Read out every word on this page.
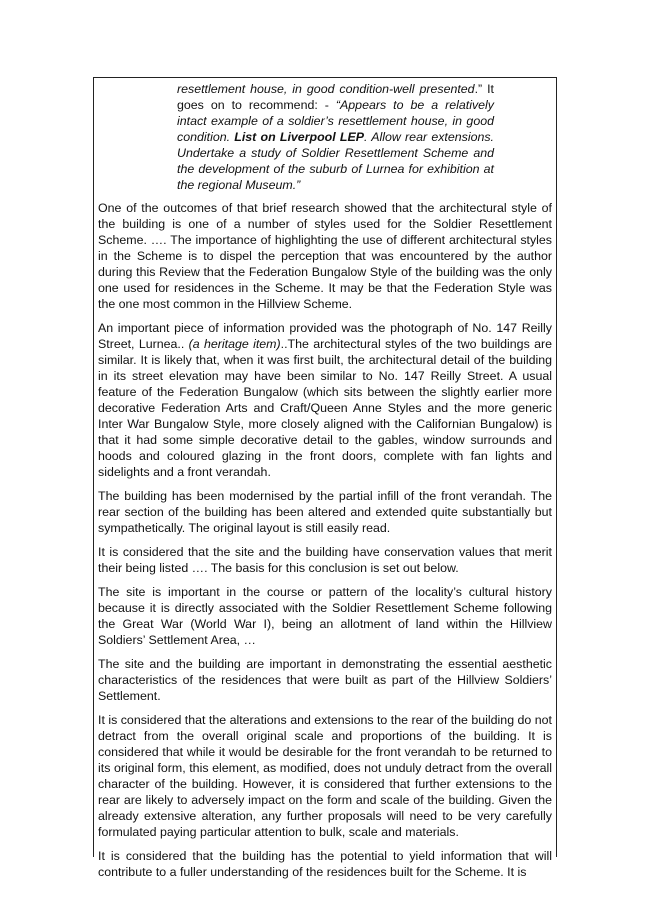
resettlement house, in good condition-well presented.” It goes on to recommend: - “Appears to be a relatively intact example of a soldier’s resettlement house, in good condition. List on Liverpool LEP. Allow rear extensions. Undertake a study of Soldier Resettlement Scheme and the development of the suburb of Lurnea for exhibition at the regional Museum.”

One of the outcomes of that brief research showed that the architectural style of the building is one of a number of styles used for the Soldier Resettlement Scheme. …. The importance of highlighting the use of different architectural styles in the Scheme is to dispel the perception that was encountered by the author during this Review that the Federation Bungalow Style of the building was the only one used for residences in the Scheme. It may be that the Federation Style was the one most common in the Hillview Scheme.

An important piece of information provided was the photograph of No. 147 Reilly Street, Lurnea.. (a heritage item)..The architectural styles of the two buildings are similar. It is likely that, when it was first built, the architectural detail of the building in its street elevation may have been similar to No. 147 Reilly Street. A usual feature of the Federation Bungalow (which sits between the slightly earlier more decorative Federation Arts and Craft/Queen Anne Styles and the more generic Inter War Bungalow Style, more closely aligned with the Californian Bungalow) is that it had some simple decorative detail to the gables, window surrounds and hoods and coloured glazing in the front doors, complete with fan lights and sidelights and a front verandah.

The building has been modernised by the partial infill of the front verandah. The rear section of the building has been altered and extended quite substantially but sympathetically. The original layout is still easily read.

It is considered that the site and the building have conservation values that merit their being listed …. The basis for this conclusion is set out below.

The site is important in the course or pattern of the locality’s cultural history because it is directly associated with the Soldier Resettlement Scheme following the Great War (World War I), being an allotment of land within the Hillview Soldiers’ Settlement Area, …

The site and the building are important in demonstrating the essential aesthetic characteristics of the residences that were built as part of the Hillview Soldiers’ Settlement.

It is considered that the alterations and extensions to the rear of the building do not detract from the overall original scale and proportions of the building. It is considered that while it would be desirable for the front verandah to be returned to its original form, this element, as modified, does not unduly detract from the overall character of the building. However, it is considered that further extensions to the rear are likely to adversely impact on the form and scale of the building. Given the already extensive alteration, any further proposals will need to be very carefully formulated paying particular attention to bulk, scale and materials.

It is considered that the building has the potential to yield information that will contribute to a fuller understanding of the residences built for the Scheme. It is
